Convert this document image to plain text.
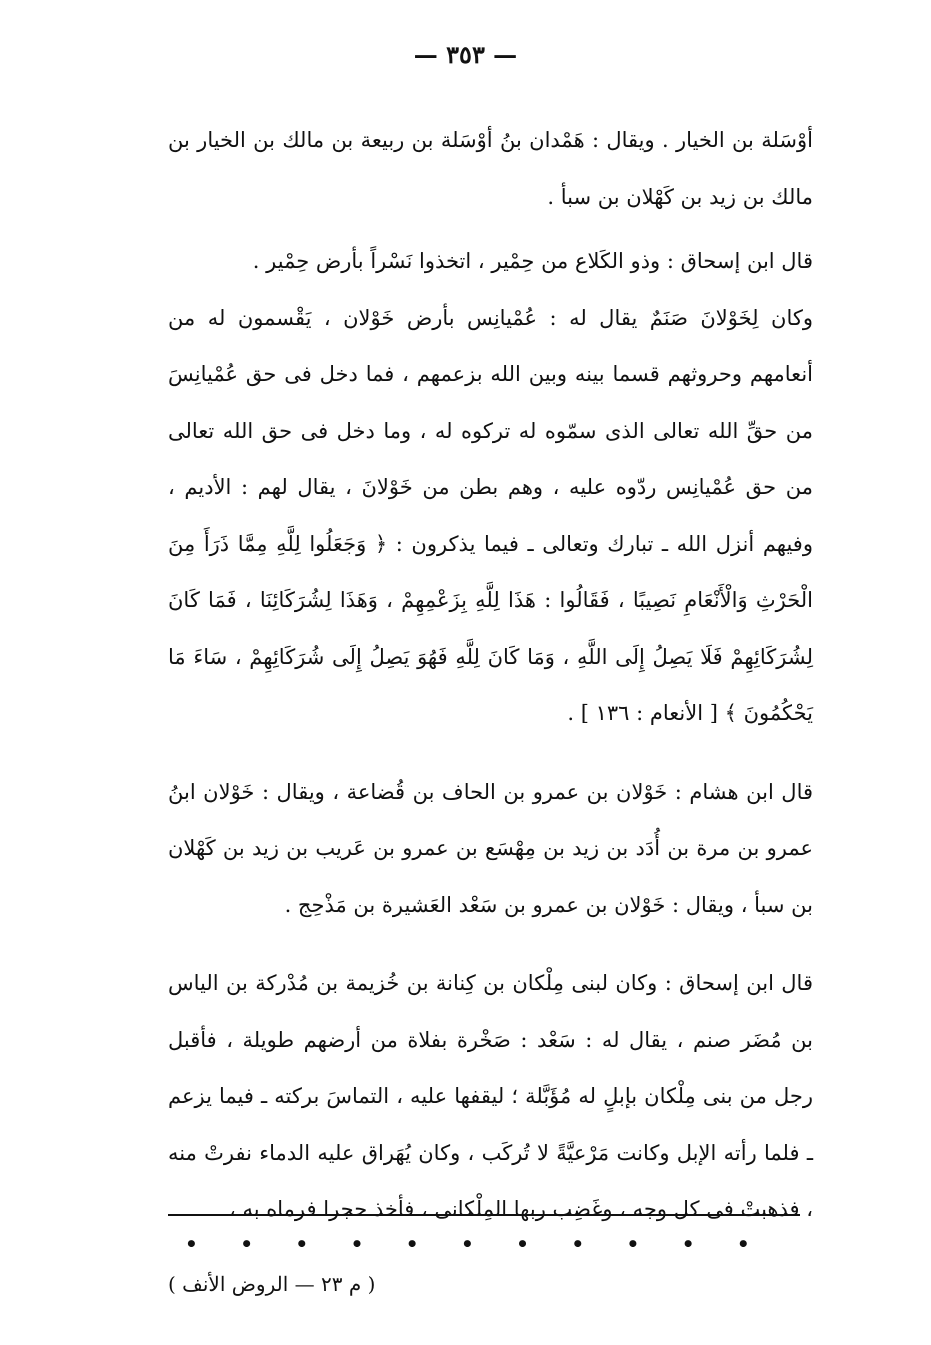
— ٣٥٣ —

أوْسَلة بن الخيار . ويقال : هَمْدان بنُ أوْسَلة بن ربيعة بن مالك بن الخيار بن مالك بن زيد بن كَهْلان بن سبأ .

قال ابن إسحاق : وذو الكَلاع من حِمْير ، اتخذوا نَسْراً بأرض حِمْير .

وكان لِخَوْلانَ صَنَمٌ يقال له : عُمْيانِس بأرض خَوْلان ، يَقْسمون له من أنعامهم وحروثهم قسما بينه وبين الله بزعمهم ، فما دخل فى حق عُمْيانِسَ من حقِّ الله تعالى الذى سمّوه له تركوه له ، وما دخل فى حق الله تعالى من حق عُمْيانِس ردّوه عليه ، وهم بطن من خَوْلانَ ، يقال لهم : الأديم ، وفيهم أنزل الله ـ تبارك وتعالى ـ فيما يذكرون : ﴿ وَجَعَلُوا لِلَّهِ مِمَّا ذَرَأَ مِنَ الْحَرْثِ وَالْأَنْعَامِ نَصِيبًا ، فَقَالُوا : هَذَا لِلَّهِ بِزَعْمِهِمْ ، وَهَذَا لِشُرَكَائِنَا ، فَمَا كَانَ لِشُرَكَائِهِمْ فَلَا يَصِلُ إِلَى اللَّهِ ، وَمَا كَانَ لِلَّهِ فَهُوَ يَصِلُ إِلَى شُرَكَائِهِمْ ، سَاءَ مَا يَحْكُمُونَ ﴾ [ الأنعام : ١٣٦ ] .

قال ابن هشام : خَوْلان بن عمرو بن الحاف بن قُضاعة ، ويقال : خَوْلان ابنُ عمرو بن مرة بن أُدَد بن زيد بن مِهْسَع بن عمرو بن عَريب بن زيد بن كَهْلان بن سبأ ، ويقال : خَوْلان بن عمرو بن سَعْد العَشيرة بن مَذْحِج .

قال ابن إسحاق : وكان لبنى مِلْكان بن كِنانة بن خُزيمة بن مُدْركة بن الياس بن مُضَر صنم ، يقال له : سَعْد : صَخْرة بفلاة من أرضهم طويلة ، فأقبل رجل من بنى مِلْكان بإبلٍ له مُؤَبَّلة ؛ ليقفها عليه ، التماسَ بركته ـ فيما يزعم ـ فلما رأته الإبل وكانت مَرْعيَّةً لا تُركَب ، وكان يُهَراق عليه الدماء نفرتْ منه ، فذهبتْ فى كل وجه ، وغَضِب ربها المِلْكانى ، فأخذ حجرا فرماه به ،

• • • • • • • • • • •
( م ٢٣ — الروض الأنف )
